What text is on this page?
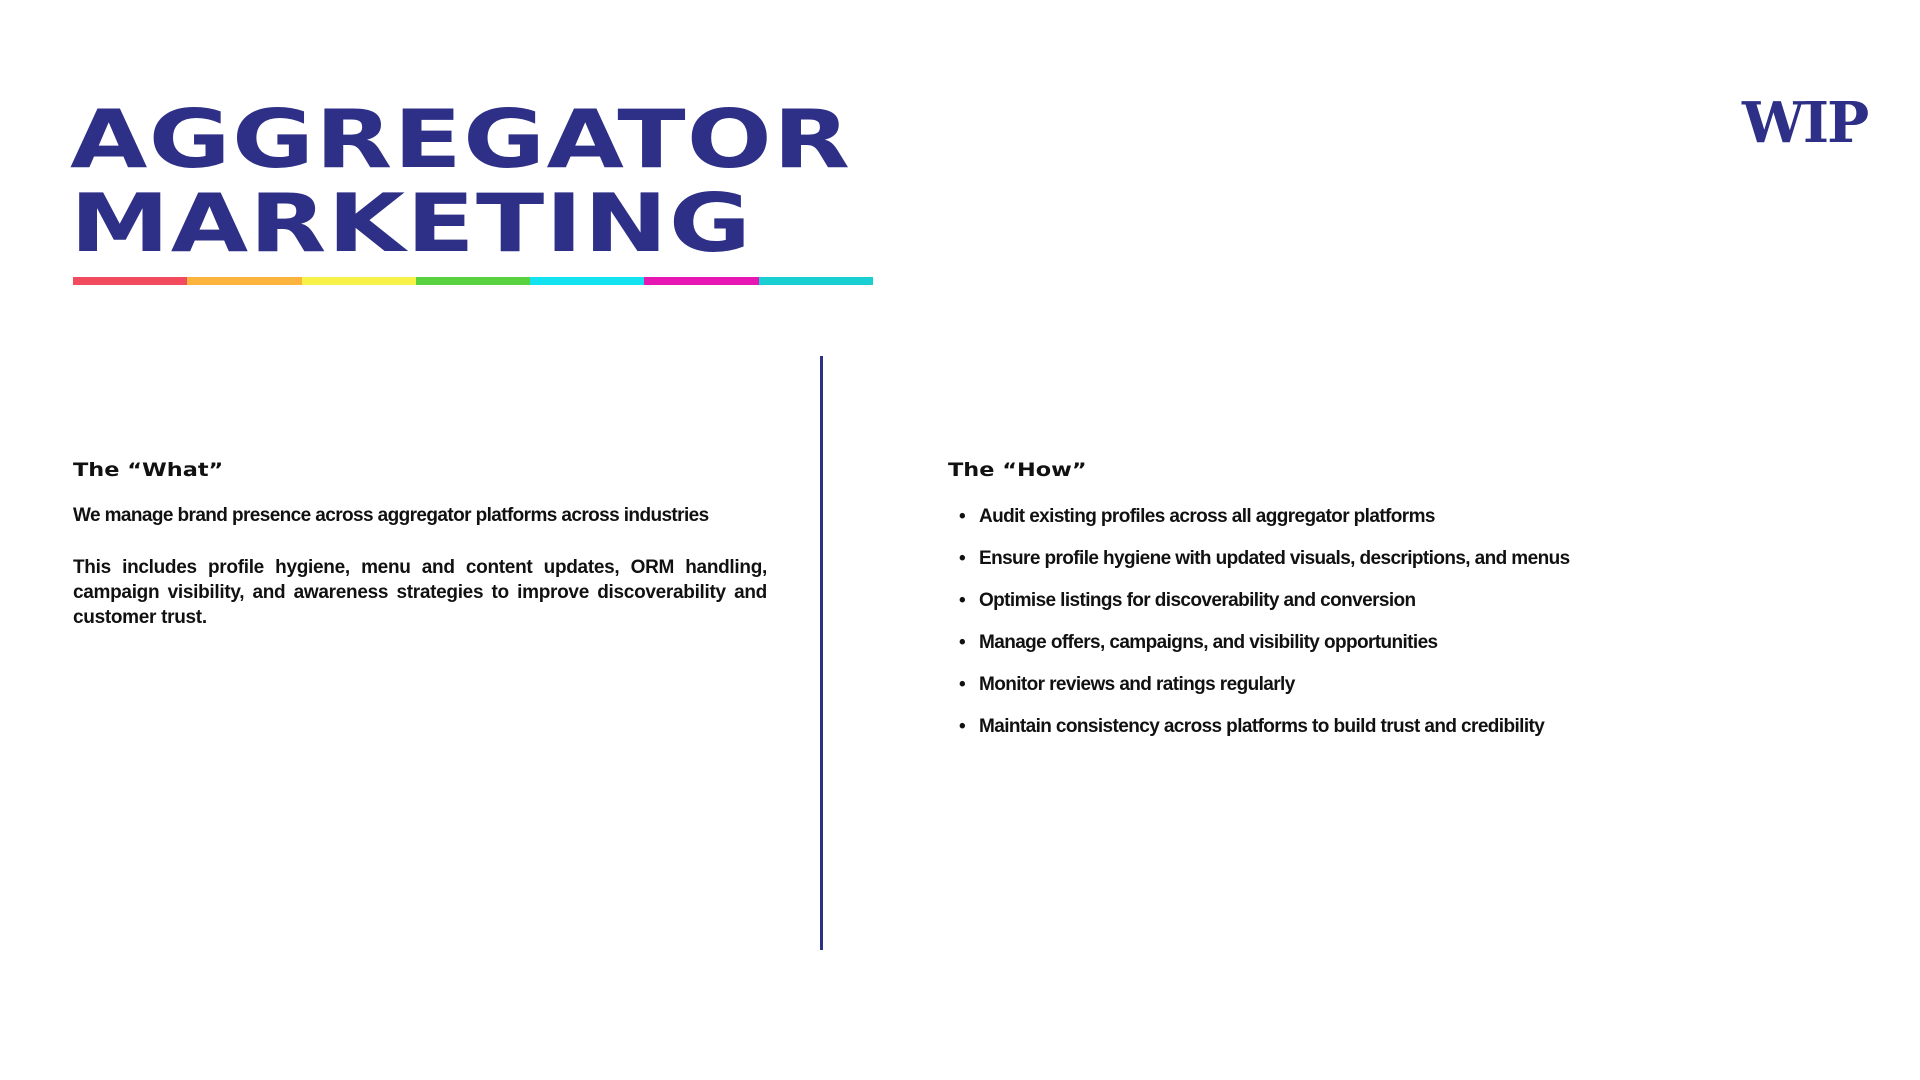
AGGREGATOR
MARKETING
WIP
The “What”
We manage brand presence across aggregator platforms across industries
This includes profile hygiene, menu and content updates, ORM handling, campaign visibility, and awareness strategies to improve discoverability and customer trust.
The “How”
• Audit existing profiles across all aggregator platforms
• Ensure profile hygiene with updated visuals, descriptions, and menus
• Optimise listings for discoverability and conversion
• Manage offers, campaigns, and visibility opportunities
• Monitor reviews and ratings regularly
• Maintain consistency across platforms to build trust and credibility
